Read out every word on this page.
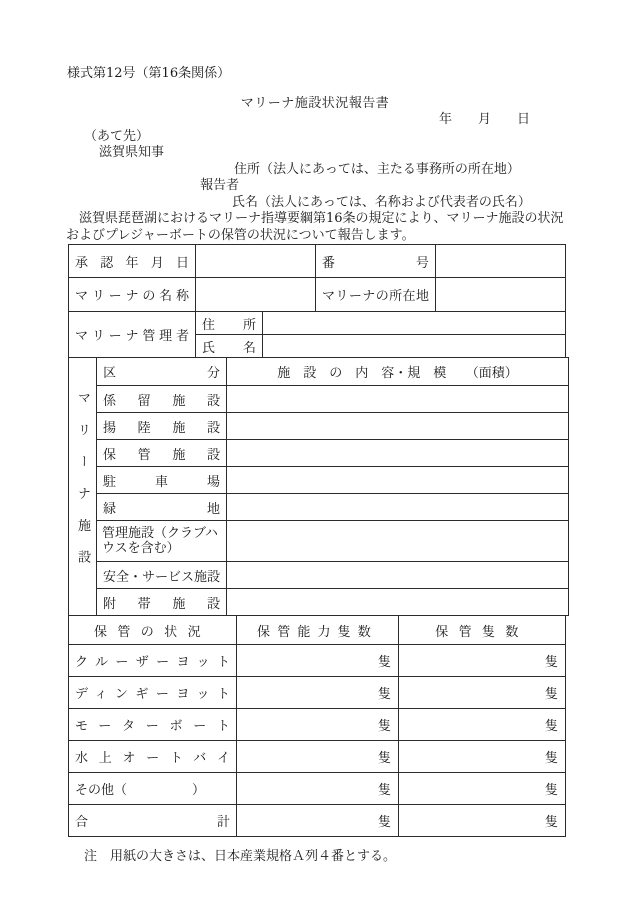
様式第12号（第16条関係）
マリーナ施設状況報告書
年　　月　　日
（あて先）
滋賀県知事
住所（法人にあっては、主たる事務所の所在地）
報告者
氏名（法人にあっては、名称および代表者の氏名）
滋賀県琵琶湖におけるマリーナ指導要綱第16条の規定により、マリーナ施設の状況およびプレジャーボートの保管の状況について報告します。
承認年月日			番号	
マリーナの名称			マリーナの所在地	
マリーナ管理者	住所			
	氏名			
マリーナ施設	区分	施　設　の　内　容・規　模　　（面積）
	係留施設	
	揚陸施設	
	保管施設	
	駐車場	
	緑地	
	管理施設（クラブハウスを含む）	
	安全・サービス施設	
	附帯施設	
保管の状況	保管能力隻数	保管隻数
クルーザーヨット	隻	隻
ディンギーヨット	隻	隻
モーターボート	隻	隻
水上オートバイ	隻	隻
その他（　　　　　）	隻	隻
合計	隻	隻
注　用紙の大きさは、日本産業規格Ａ列４番とする。
